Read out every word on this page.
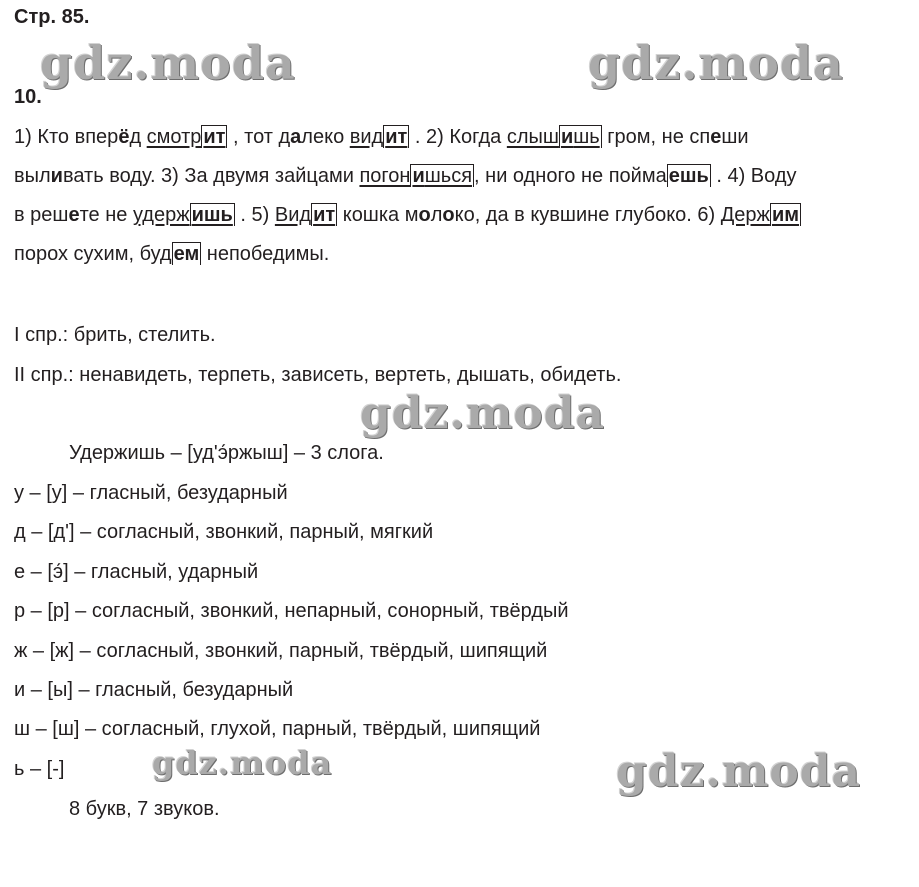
Стр. 85.
10.
1) Кто вперёд смотр ит , тот далеко вид ит . 2) Когда слыш ишь гром, не спеши
выливать воду. 3) За двумя зайцами погон ишься , ни одного не пойма ешь . 4) Воду
в решете не удерж ишь . 5) Вид ит кошка молоко, да в кувшине глубоко. 6) Держ им
порох сухим, буд ем непобедимы.
I спр.: брить, стелить.
II спр.: ненавидеть, терпеть, зависеть, вертеть, дышать, обидеть.
Удержишь – [уд'э́ржыш] – 3 слога.
у – [у] – гласный, безударный
д – [д'] – согласный, звонкий, парный, мягкий
е – [э́] – гласный, ударный
р – [р] – согласный, звонкий, непарный, сонорный, твёрдый
ж – [ж] – согласный, звонкий, парный, твёрдый, шипящий
и – [ы] – гласный, безударный
ш – [ш] – согласный, глухой, парный, твёрдый, шипящий
ь – [-]
8 букв, 7 звуков.
gdz.moda	gdz.moda
gdz.moda
gdz.moda	gdz.moda
